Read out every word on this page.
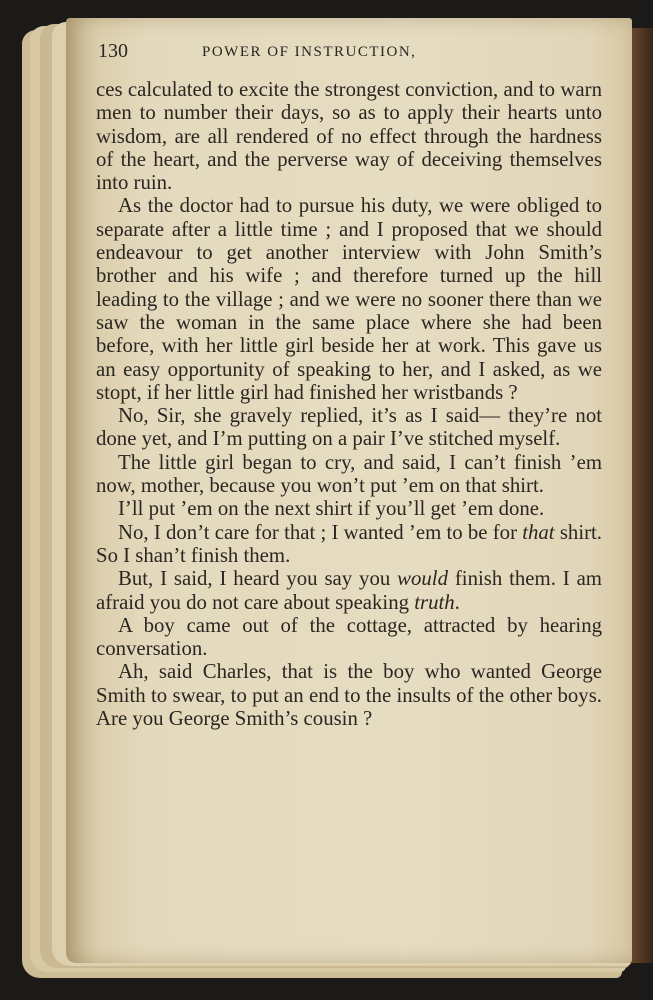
130	POWER OF INSTRUCTION,

ces calculated to excite the strongest conviction, and to warn men to number their days, so as to apply their hearts unto wisdom, are all rendered of no effect through the hardness of the heart, and the perverse way of deceiving themselves into ruin.

As the doctor had to pursue his duty, we were obliged to separate after a little time ; and I proposed that we should endeavour to get another interview with John Smith’s brother and his wife ; and therefore turned up the hill leading to the village ; and we were no sooner there than we saw the woman in the same place where she had been before, with her little girl beside her at work. This gave us an easy opportunity of speaking to her, and I asked, as we stopt, if her little girl had finished her wristbands ?

No, Sir, she gravely replied, it’s as I said— they’re not done yet, and I’m putting on a pair I’ve stitched myself.

The little girl began to cry, and said, I can’t finish ’em now, mother, because you won’t put ’em on that shirt.

I’ll put ’em on the next shirt if you’ll get ’em done.

No, I don’t care for that ; I wanted ’em to be for that shirt. So I shan’t finish them.

But, I said, I heard you say you would finish them. I am afraid you do not care about speaking truth.

A boy came out of the cottage, attracted by hearing conversation.

Ah, said Charles, that is the boy who wanted George Smith to swear, to put an end to the insults of the other boys. Are you George Smith’s cousin ?
